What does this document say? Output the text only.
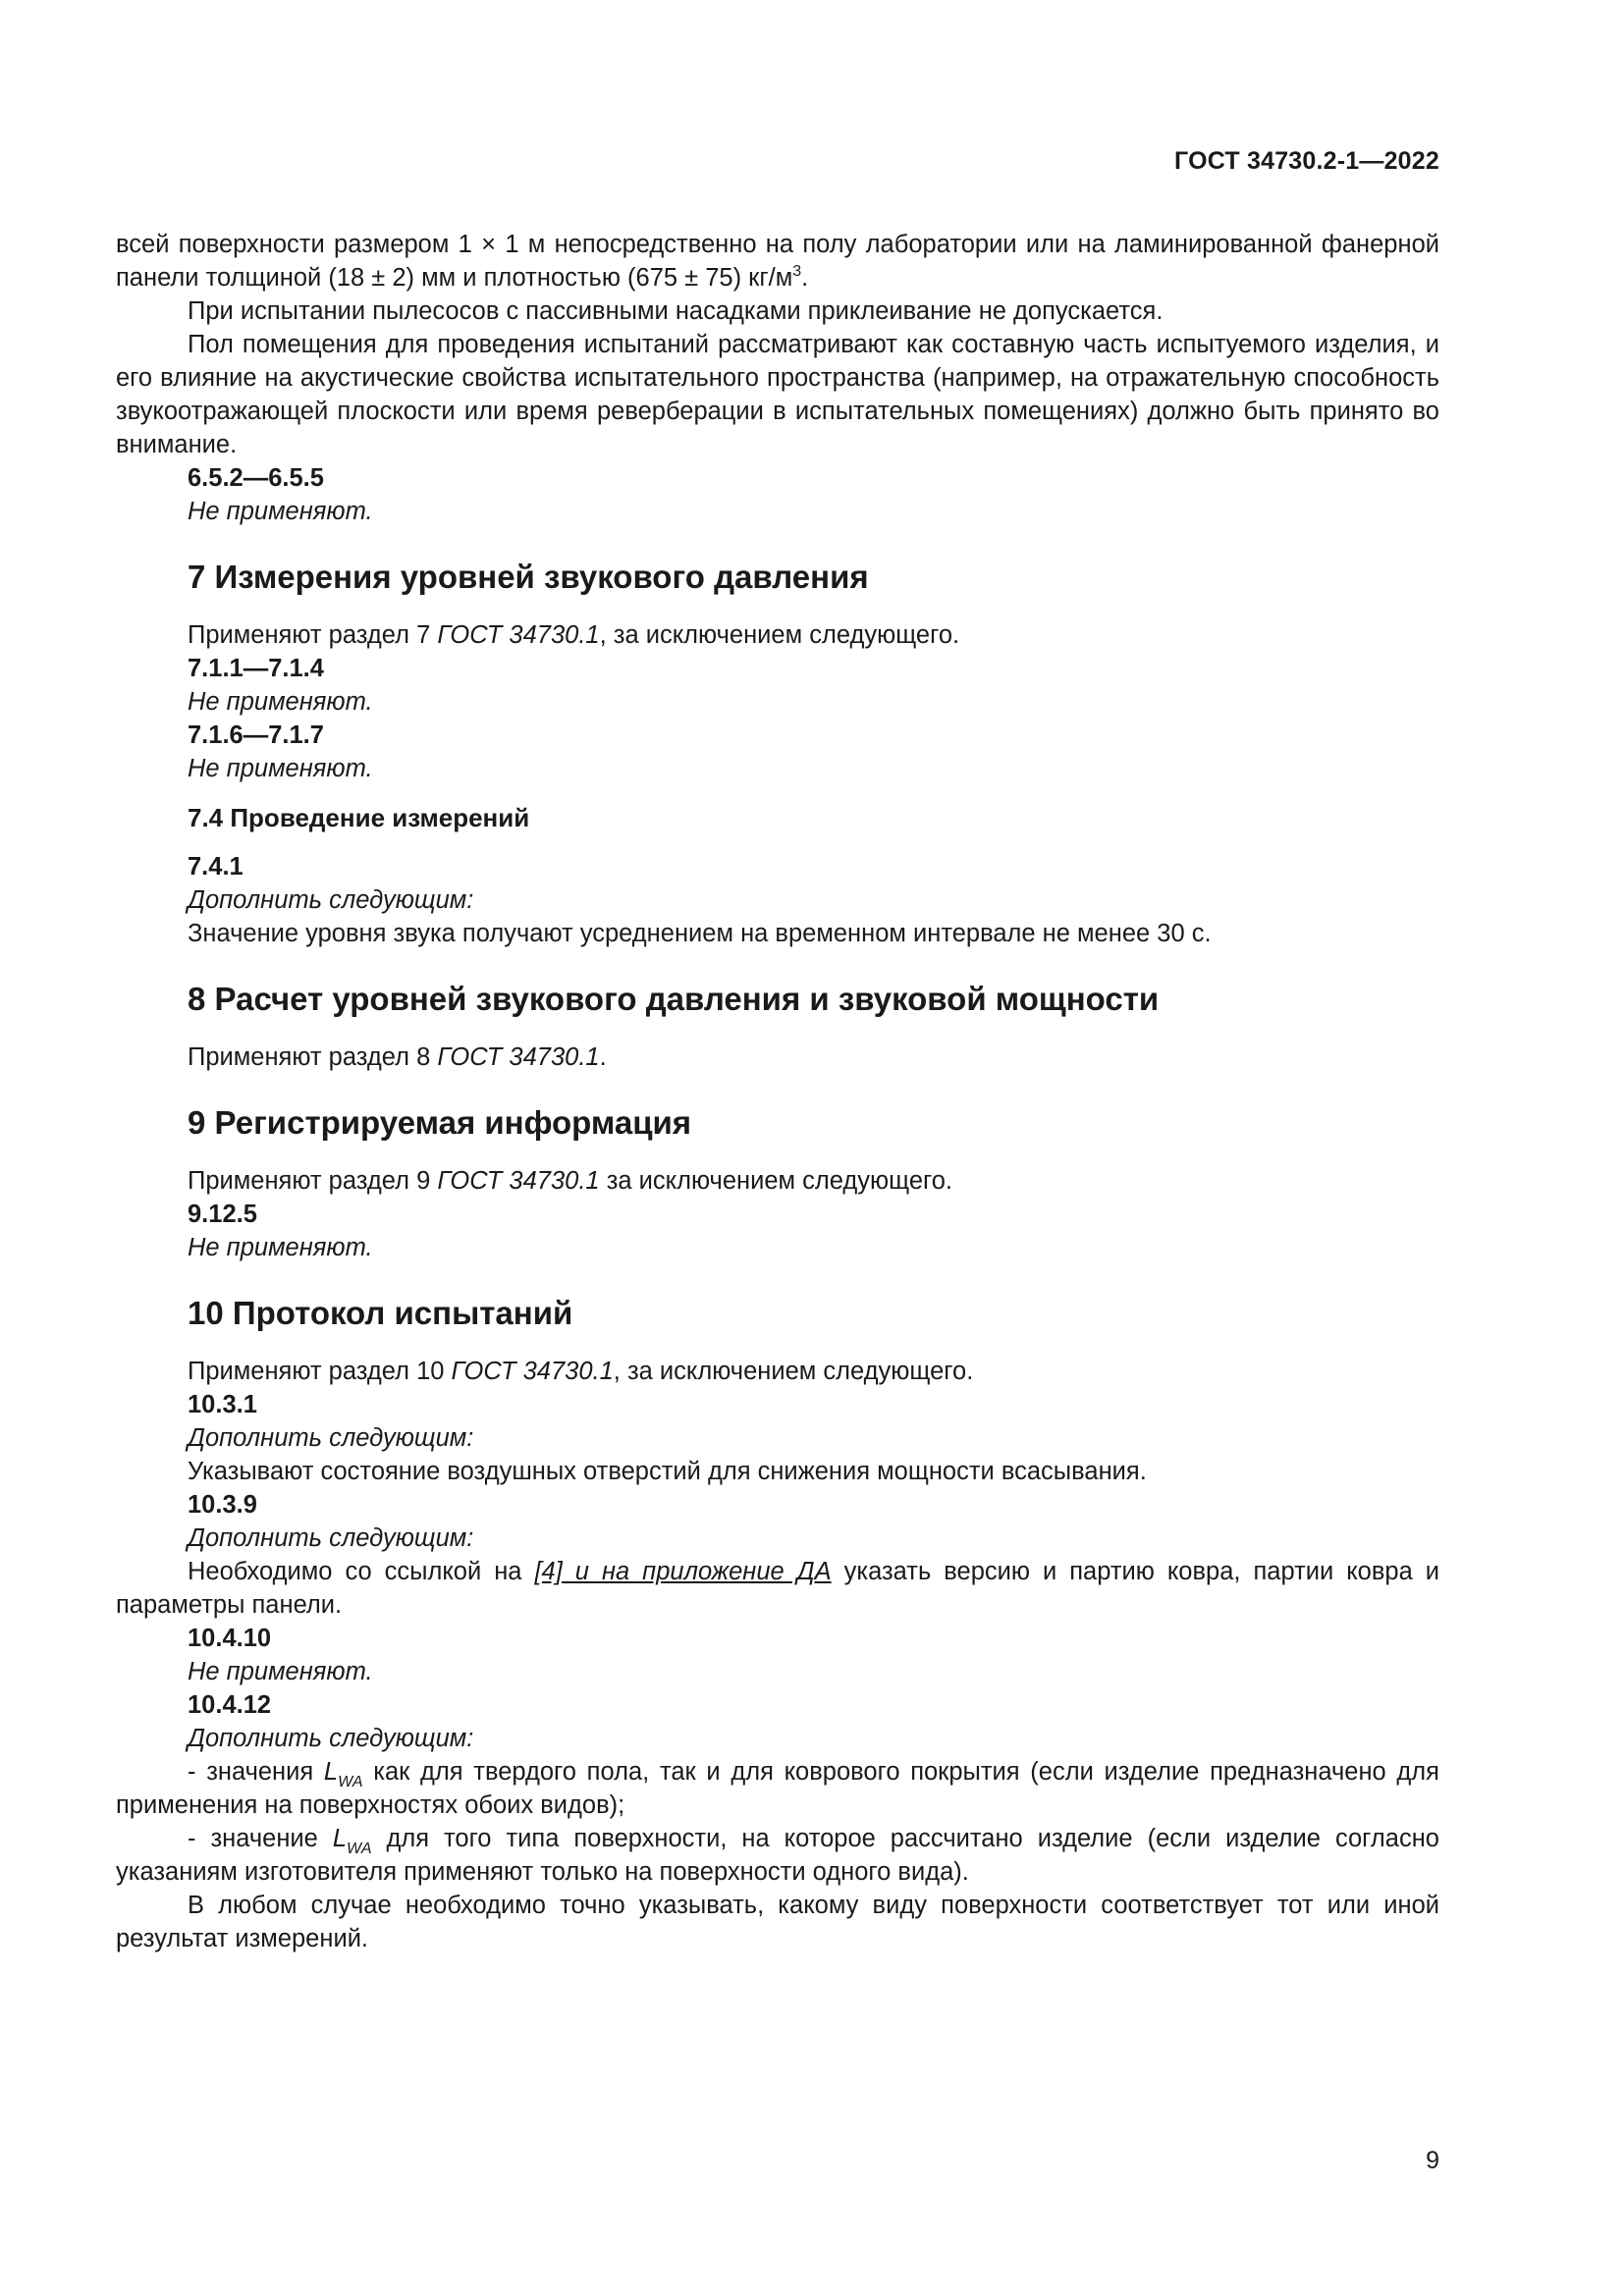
ГОСТ 34730.2-1—2022

всей поверхности размером 1 × 1 м непосредственно на полу лаборатории или на ламинированной фанерной панели толщиной (18 ± 2) мм и плотностью (675 ± 75) $кг/м^3$.

При испытании пылесосов с пассивными насадками приклеивание не допускается.

Пол помещения для проведения испытаний рассматривают как составную часть испытуемого изделия, и его влияние на акустические свойства испытательного пространства (например, на отражательную способность звукоотражающей плоскости или время реверберации в испытательных помещениях) должно быть принято во внимание.

6.5.2—6.5.5

Не применяют.

7 Измерения уровней звукового давления

Применяют раздел 7 ГОСТ 34730.1, за исключением следующего.

7.1.1—7.1.4

Не применяют.

7.1.6—7.1.7

Не применяют.

7.4 Проведение измерений

7.4.1

Дополнить следующим:

Значение уровня звука получают усреднением на временном интервале не менее 30 с.

8 Расчет уровней звукового давления и звуковой мощности

Применяют раздел 8 ГОСТ 34730.1.

9 Регистрируемая информация

Применяют раздел 9 ГОСТ 34730.1 за исключением следующего.

9.12.5

Не применяют.

10 Протокол испытаний

Применяют раздел 10 ГОСТ 34730.1, за исключением следующего.

10.3.1

Дополнить следующим:

Указывают состояние воздушных отверстий для снижения мощности всасывания.

10.3.9

Дополнить следующим:

Необходимо со ссылкой на [4] и на приложение ДА указать версию и партию ковра, партии ковра и параметры панели.

10.4.10

Не применяют.

10.4.12

Дополнить следующим:

- значения $L_{WA}$ как для твердого пола, так и для коврового покрытия (если изделие предназначено для применения на поверхностях обоих видов);

- значение $L_{WA}$ для того типа поверхности, на которое рассчитано изделие (если изделие согласно указаниям изготовителя применяют только на поверхности одного вида).

В любом случае необходимо точно указывать, какому виду поверхности соответствует тот или иной результат измерений.

9
